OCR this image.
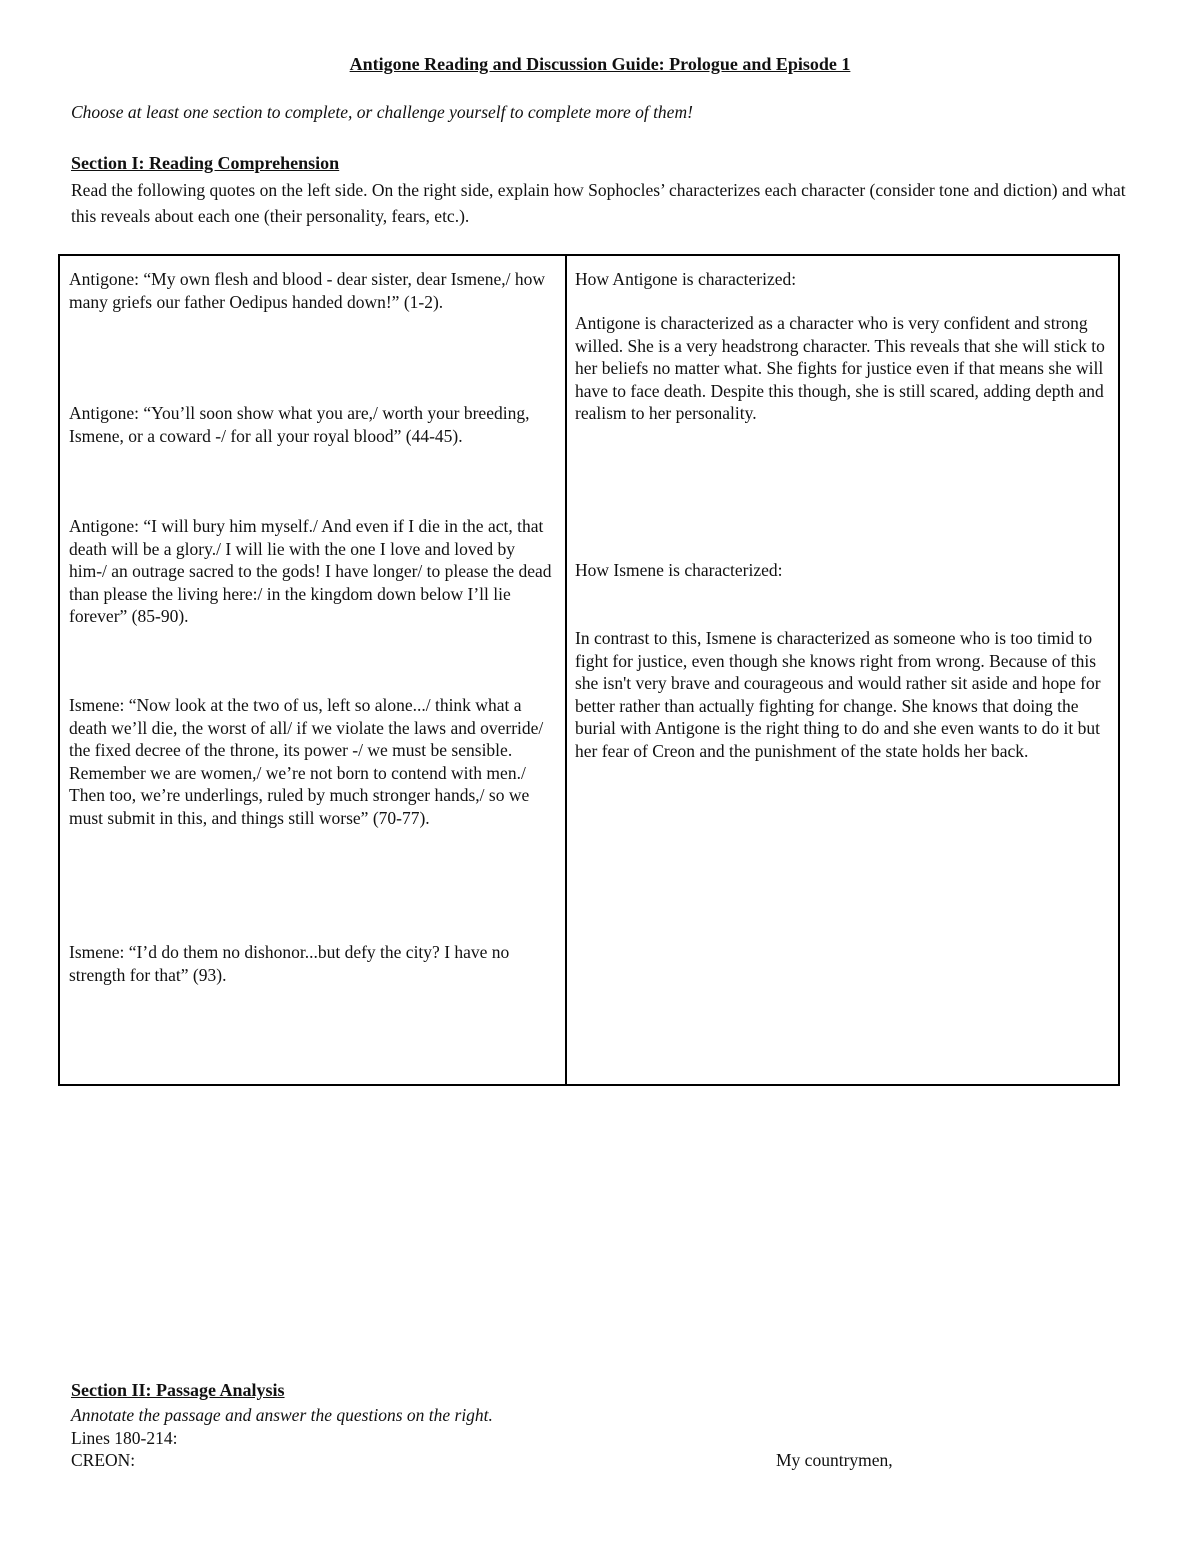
Antigone Reading and Discussion Guide: Prologue and Episode 1

Choose at least one section to complete, or challenge yourself to complete more of them!

Section I: Reading Comprehension

Read the following quotes on the left side. On the right side, explain how Sophocles’ characterizes each character (consider tone and diction) and what this reveals about each one (their personality, fears, etc.).

Antigone: “My own flesh and blood - dear sister, dear Ismene,/ how many griefs our father Oedipus handed down!” (1-2).

Antigone: “You’ll soon show what you are,/ worth your breeding, Ismene, or a coward -/ for all your royal blood” (44-45).

Antigone: “I will bury him myself./ And even if I die in the act, that death will be a glory./ I will lie with the one I love and loved by him-/ an outrage sacred to the gods! I have longer/ to please the dead than please the living here:/ in the kingdom down below I’ll lie forever” (85-90).

Ismene: “Now look at the two of us, left so alone.../ think what a death we’ll die, the worst of all/ if we violate the laws and override/ the fixed decree of the throne, its power -/ we must be sensible. Remember we are women,/ we’re not born to contend with men./ Then too, we’re underlings, ruled by much stronger hands,/ so we must submit in this, and things still worse” (70-77).

Ismene: “I’d do them no dishonor...but defy the city? I have no strength for that” (93).

How Antigone is characterized:

Antigone is characterized as a character who is very confident and strong willed. She is a very headstrong character. This reveals that she will stick to her beliefs no matter what. She fights for justice even if that means she will have to face death. Despite this though, she is still scared, adding depth and realism to her personality.

How Ismene is characterized:

In contrast to this, Ismene is characterized as someone who is too timid to fight for justice, even though she knows right from wrong. Because of this she isn't very brave and courageous and would rather sit aside and hope for better rather than actually fighting for change. She knows that doing the burial with Antigone is the right thing to do and she even wants to do it but her fear of Creon and the punishment of the state holds her back.

Section II: Passage Analysis

Annotate the passage and answer the questions on the right.

Lines 180-214:

CREON:	My countrymen,
